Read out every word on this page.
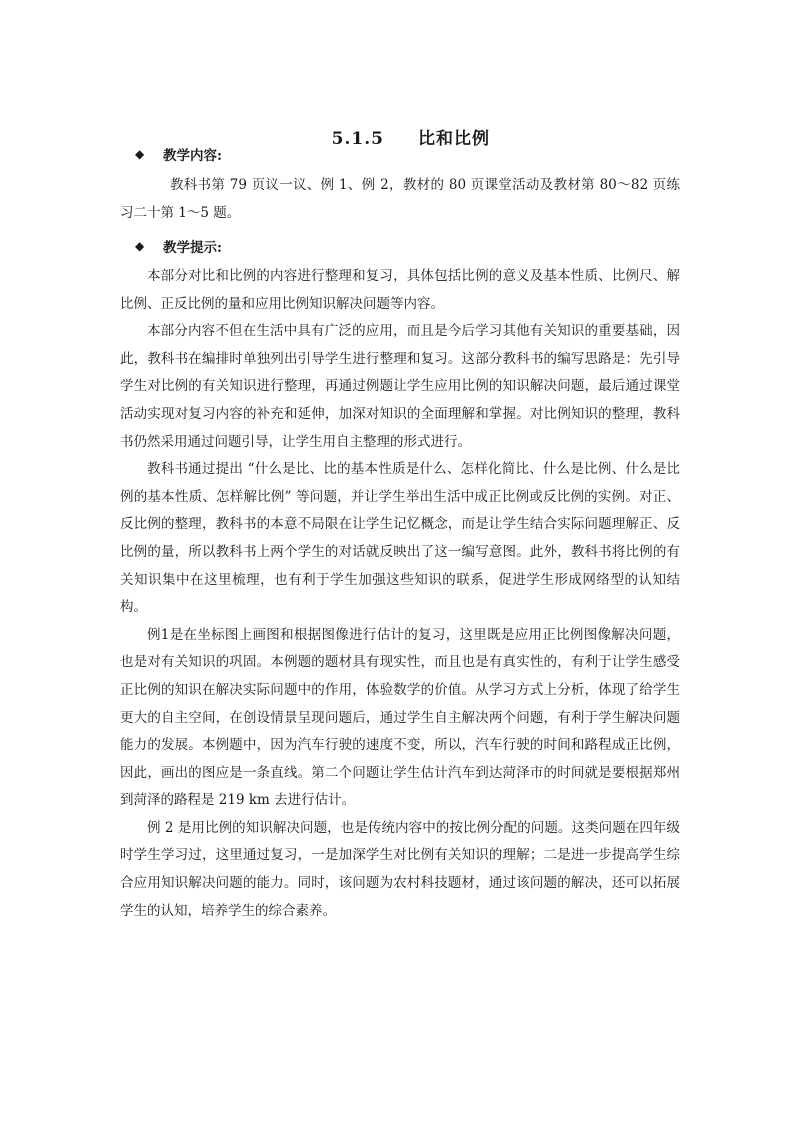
5.1.5 比和比例

◆ 教学内容:

教科书第 79 页议一议、例 1、例 2，教材的 80 页课堂活动及教材第 80～82 页练习二十第 1～5 题。

◆ 教学提示:

本部分对比和比例的内容进行整理和复习，具体包括比例的意义及基本性质、比例尺、解比例、正反比例的量和应用比例知识解决问题等内容。

本部分内容不但在生活中具有广泛的应用，而且是今后学习其他有关知识的重要基础，因此，教科书在编排时单独列出引导学生进行整理和复习。这部分教科书的编写思路是：先引导学生对比例的有关知识进行整理，再通过例题让学生应用比例的知识解决问题，最后通过课堂活动实现对复习内容的补充和延伸，加深对知识的全面理解和掌握。对比例知识的整理，教科书仍然采用通过问题引导，让学生用自主整理的形式进行。

教科书通过提出 “什么是比、比的基本性质是什么、怎样化简比、什么是比例、什么是比例的基本性质、怎样解比例” 等问题，并让学生举出生活中成正比例或反比例的实例。对正、反比例的整理，教科书的本意不局限在让学生记忆概念，而是让学生结合实际问题理解正、反比例的量，所以教科书上两个学生的对话就反映出了这一编写意图。此外，教科书将比例的有关知识集中在这里梳理，也有利于学生加强这些知识的联系，促进学生形成网络型的认知结构。

例1是在坐标图上画图和根据图像进行估计的复习，这里既是应用正比例图像解决问题，也是对有关知识的巩固。本例题的题材具有现实性，而且也是有真实性的，有利于让学生感受正比例的知识在解决实际问题中的作用，体验数学的价值。从学习方式上分析，体现了给学生更大的自主空间，在创设情景呈现问题后，通过学生自主解决两个问题，有利于学生解决问题能力的发展。本例题中，因为汽车行驶的速度不变，所以，汽车行驶的时间和路程成正比例，因此，画出的图应是一条直线。第二个问题让学生估计汽车到达菏泽市的时间就是要根据郑州到菏泽的路程是 219 km 去进行估计。

例 2 是用比例的知识解决问题，也是传统内容中的按比例分配的问题。这类问题在四年级时学生学习过，这里通过复习，一是加深学生对比例有关知识的理解；二是进一步提高学生综合应用知识解决问题的能力。同时，该问题为农村科技题材，通过该问题的解决，还可以拓展学生的认知，培养学生的综合素养。
